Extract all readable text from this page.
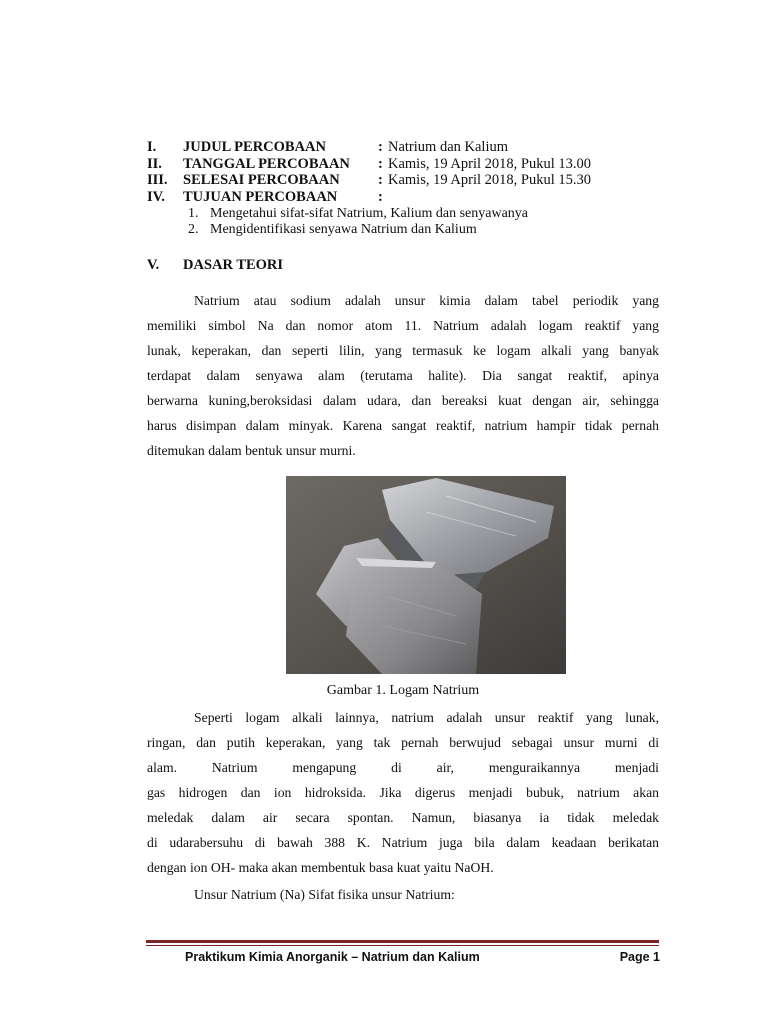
I. JUDUL PERCOBAAN	: Natrium dan Kalium
II. TANGGAL PERCOBAAN : Kamis, 19 April 2018, Pukul 13.00
III. SELESAI PERCOBAAN	: Kamis, 19 April 2018, Pukul 15.30
IV. TUJUAN PERCOBAAN	:
1. Mengetahui sifat-sifat Natrium, Kalium dan senyawanya
2. Mengidentifikasi senyawa Natrium dan Kalium
V. DASAR TEORI
Natrium atau sodium adalah unsur kimia dalam tabel periodik yang
memiliki simbol Na dan nomor atom 11. Natrium adalah logam reaktif yang
lunak, keperakan, dan seperti lilin, yang termasuk ke logam alkali yang banyak
terdapat dalam senyawa alam (terutama halite). Dia sangat reaktif, apinya
berwarna kuning,beroksidasi dalam udara, dan bereaksi kuat dengan air, sehingga
harus disimpan dalam minyak. Karena sangat reaktif, natrium hampir tidak pernah
ditemukan dalam bentuk unsur murni.
Gambar 1. Logam Natrium
Seperti logam alkali lainnya, natrium adalah unsur reaktif yang lunak,
ringan, dan putih keperakan, yang tak pernah berwujud sebagai unsur murni di
alam. Natrium mengapung di air, menguraikannya menjadi
gas hidrogen dan ion hidroksida. Jika digerus menjadi bubuk, natrium akan
meledak dalam air secara spontan. Namun, biasanya ia tidak meledak
di udarabersuhu di bawah 388 K. Natrium juga bila dalam keadaan berikatan
dengan ion OH- maka akan membentuk basa kuat yaitu NaOH.
Unsur Natrium (Na) Sifat fisika unsur Natrium:
Praktikum Kimia Anorganik – Natrium dan Kalium	Page 1
